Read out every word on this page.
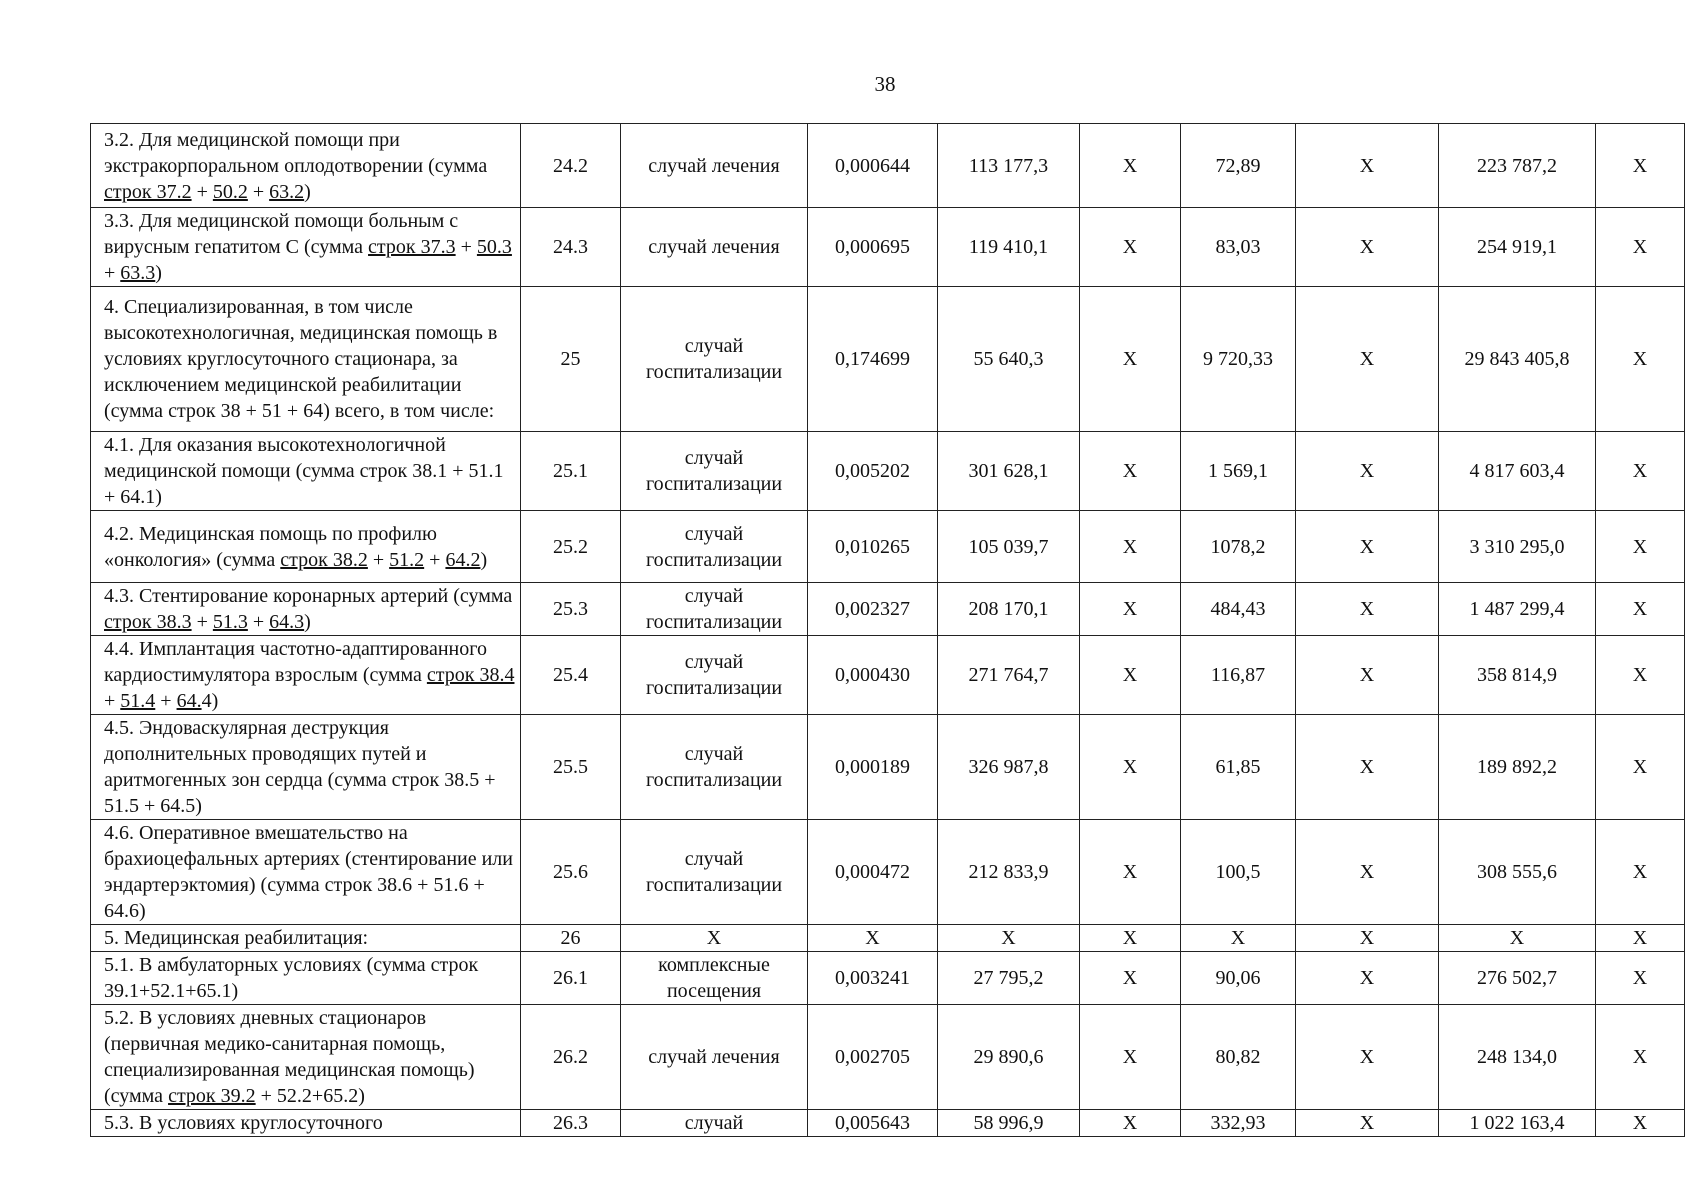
38
3.2. Для медицинской помощи при экстракорпоральном оплодотворении (сумма строк 37.2 + 50.2 + 63.2)	24.2	случай лечения	0,000644	113 177,3	X	72,89	X	223 787,2	X
3.3. Для медицинской помощи больным с вирусным гепатитом С (сумма строк 37.3 + 50.3 + 63.3)	24.3	случай лечения	0,000695	119 410,1	X	83,03	X	254 919,1	X
4. Специализированная, в том числе высокотехнологичная, медицинская помощь в условиях круглосуточного стационара, за исключением медицинской реабилитации (сумма строк 38 + 51 + 64) всего, в том числе:	25	случай госпитализации	0,174699	55 640,3	X	9 720,33	X	29 843 405,8	X
4.1. Для оказания высокотехнологичной медицинской помощи (сумма строк 38.1 + 51.1 + 64.1)	25.1	случай госпитализации	0,005202	301 628,1	X	1 569,1	X	4 817 603,4	X
4.2. Медицинская помощь по профилю «онкология» (сумма строк 38.2 + 51.2 + 64.2)	25.2	случай госпитализации	0,010265	105 039,7	X	1078,2	X	3 310 295,0	X
4.3. Стентирование коронарных артерий (сумма строк 38.3 + 51.3 + 64.3)	25.3	случай госпитализации	0,002327	208 170,1	X	484,43	X	1 487 299,4	X
4.4. Имплантация частотно-адаптированного кардиостимулятора взрослым (сумма строк 38.4 + 51.4 + 64.4)	25.4	случай госпитализации	0,000430	271 764,7	X	116,87	X	358 814,9	X
4.5. Эндоваскулярная деструкция дополнительных проводящих путей и аритмогенных зон сердца (сумма строк 38.5 + 51.5 + 64.5)	25.5	случай госпитализации	0,000189	326 987,8	X	61,85	X	189 892,2	X
4.6. Оперативное вмешательство на брахиоцефальных артериях (стентирование или эндартерэктомия) (сумма строк 38.6 + 51.6 + 64.6)	25.6	случай госпитализации	0,000472	212 833,9	X	100,5	X	308 555,6	X
5. Медицинская реабилитация:	26	X	X	X	X	X	X	X	X
5.1. В амбулаторных условиях (сумма строк 39.1+52.1+65.1)	26.1	комплексные посещения	0,003241	27 795,2	X	90,06	X	276 502,7	X
5.2. В условиях дневных стационаров (первичная медико-санитарная помощь, специализированная медицинская помощь) (сумма строк 39.2 + 52.2+65.2)	26.2	случай лечения	0,002705	29 890,6	X	80,82	X	248 134,0	X
5.3. В условиях круглосуточного	26.3	случай	0,005643	58 996,9	X	332,93	X	1 022 163,4	X
